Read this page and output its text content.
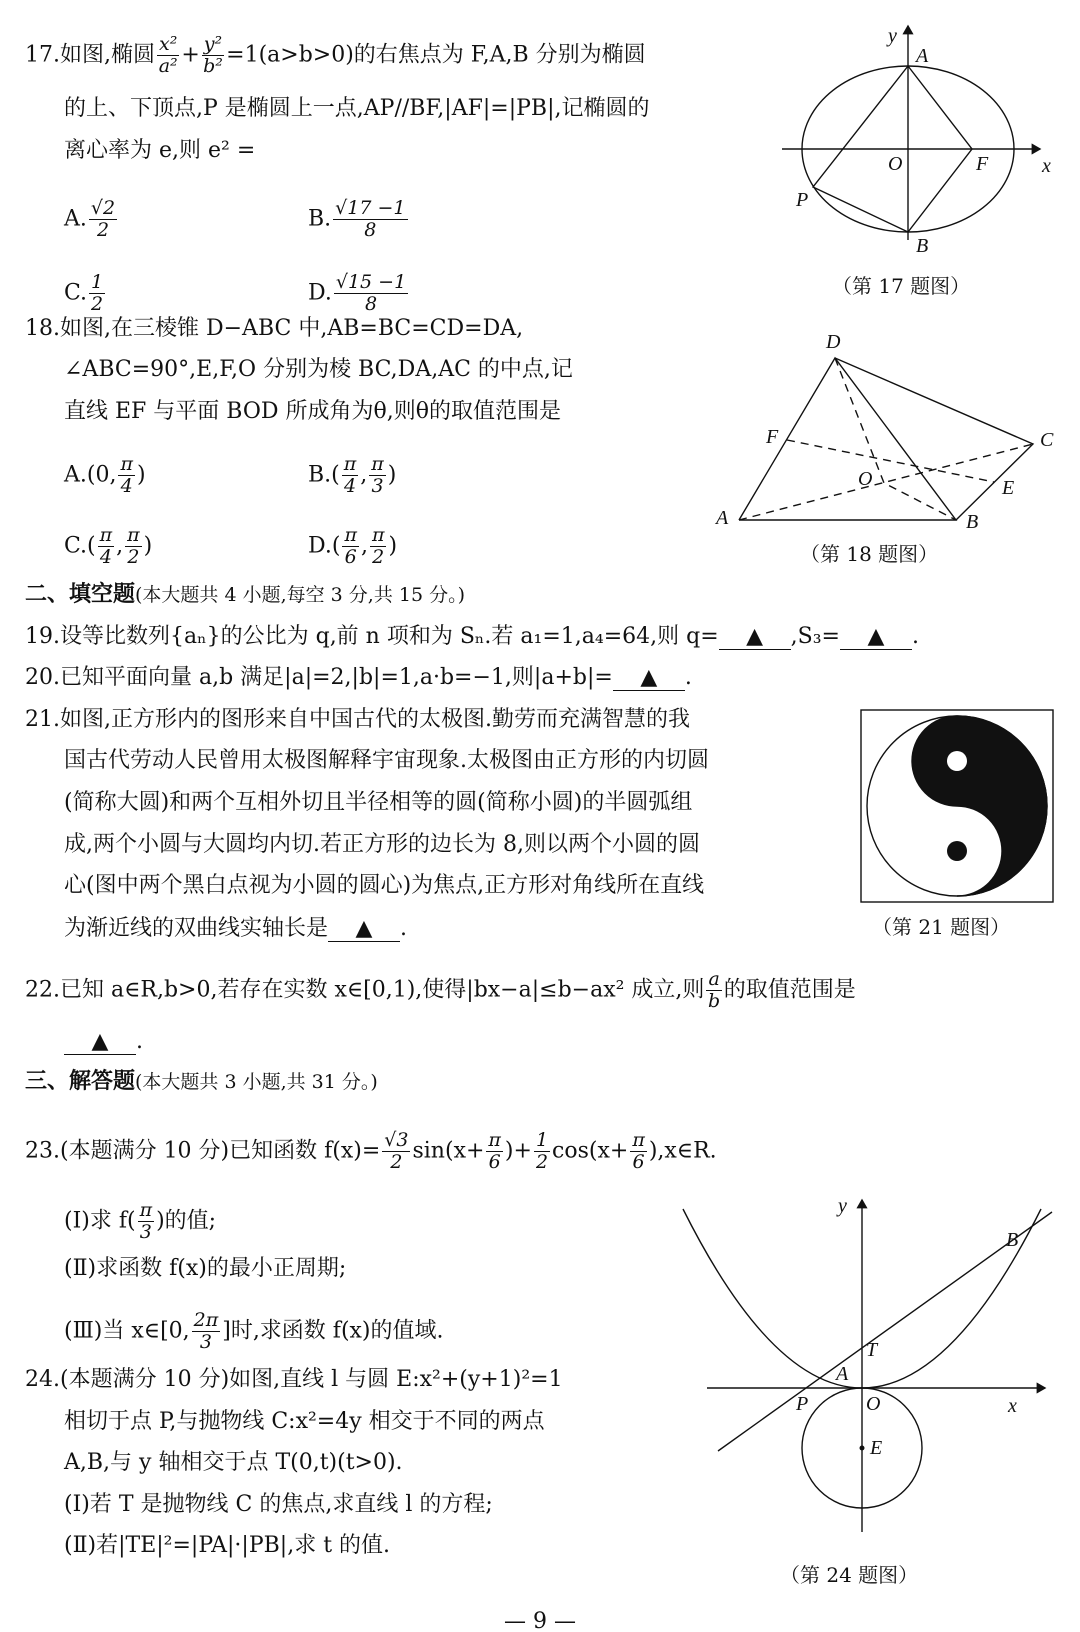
17.如图,椭圆 $\frac{\text{x²}}{\text{a²}} + \frac{\text{y²}}{\text{b²}} =1(a>b>0)$的右焦点为 F,A,B 分别为椭圆
的上、下顶点,P 是椭圆上一点,AP//BF,|AF|=|PB|,记椭圆的
离心率为 e,则 e² =
A. $\frac{√2}{2}$	B. $\frac{√17 -1}{8}$
C. $\frac{1}{2}$	D. $\frac{√15 -1}{8}$
18.如图,在三棱锥 D−ABC 中,AB=BC=CD=DA,
∠ABC=90°,E,F,O 分别为棱 BC,DA,AC 的中点,记
直线 EF 与平面 BOD 所成角为θ,则θ的取值范围是
A.(0, $\frac{\pi}{4}$ )	$B.( \frac{\pi}{4}$ , $\frac{\pi}{3}$ )
$C.( \frac{\pi}{4}$ , $\frac{\pi}{2}$ )	$D.( \frac{\pi}{6}$ , $\frac{\pi}{2}$ )
二、填空题(本大题共 4 小题,每空 3 分,共 15 分。)
19.设等比数列{aₙ}的公比为 q,前 n 项和为 Sₙ.若 a₁=1,a₄=64,则 q= ▲ ,S₃= ▲ .
20.已知平面向量 a,b 满足|a|=2,|b|=1,a·b=−1,则|a+b|= ▲ .
21.如图,正方形内的图形来自中国古代的太极图.勤劳而充满智慧的我
国古代劳动人民曾用太极图解释宇宙现象.太极图由正方形的内切圆
(简称大圆)和两个互相外切且半径相等的圆(简称小圆)的半圆弧组
成,两个小圆与大圆均内切.若正方形的边长为 8,则以两个小圆的圆
心(图中两个黑白点视为小圆的圆心)为焦点,正方形对角线所在直线
为渐近线的双曲线实轴长是 ▲ .
22.已知 a∈R,b>0,若存在实数 x∈[0,1),使得|bx−a|≤b−ax² 成立,则 $\frac{a}{b}$ 的取值范围是
▲ .
三、解答题(本大题共 3 小题,共 31 分。)
23.(本题满分 10 分)已知函数 $f(x)= \frac{√3}{2} \sin(x+ \frac{\pi}{6}$ )+ $\frac{1}{2} \cos(x+ \frac{\pi}{6}$ ),x∈R.
(Ⅰ)求 $f( \frac{\pi}{3}$ )的值;
(Ⅱ)求函数 f(x)的最小正周期;
(Ⅲ)当 x∈[0, $\frac{2\pi}{3}$ ]时,求函数 f(x)的值域.
24.(本题满分 10 分)如图,直线 l 与圆 E:x²+(y+1)²=1
相切于点 P,与抛物线 C:x²=4y 相交于不同的两点
A,B,与 y 轴相交于点 T(0,t)(t>0).
(Ⅰ)若 T 是抛物线 C 的焦点,求直线 l 的方程;
(Ⅱ)若|TE|²=|PA|·|PB|,求 t 的值.
— 9 —
y
A
O	F	x
P
B
D
F	C
O	E
A	B
y
B
T
A
O
P	x
E
（第 17 题图）
（第 18 题图）
（第 21 题图）
（第 24 题图）
